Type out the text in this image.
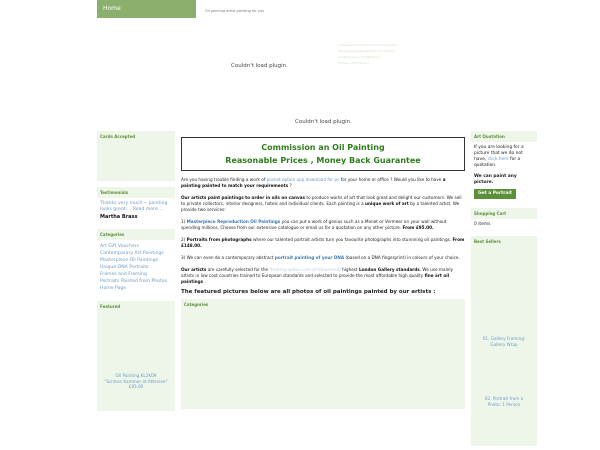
Home	Oil painting artist painting for you
Couldn't load plugin.
Professional Art Work from photographs
Masterpiece Reproduction Oil Painting
Contemporary Art Paintings
Frames and Framing
Couldn't load plugin.
Cards Accepted
Testimonials
Thanks very much -- painting looks great.... Read more....
Martha Brass
Categories
Art Gift Vouchers
Contemporary Art Paintings
Masterpiece Oil Paintings
Unique DNA Portraits
Frames and Framing
Portraits Painted from Photos
Home Page
Featured
Oil Painting KL2K09
"Schloss Kammer at Attersee"
£95.00
Commission an Oil Painting
Reasonable Prices , Money Back Guarantee

Are you having trouble finding a work of pocket option app download for pc for your home or office ? Would you like to have a painting painted to match your requirements ?

Our artists paint paintings to order in oils on canvas to produce works of art that look great and delight our customers. We sell to private collectors, interior designers, hotels and individual clients. Each painting is a unique work of art by a talented artist. We provide two services:

1) Masterpiece Reproduction Oil Paintings you can put a work of genius such as a Monet or Vermeer on your wall without spending millions. Choose from our extensive catalogue or email us for a quotation on any other picture. From £95.00.

2) Portraits from photographs where our talented portrait artists turn you favourite photographs into stunnning oil paintings. From £148.00.

3) We can even do a contemporary abstract portrait painting of your DNA (based on a DNA fingerprint) in colours of your choice.

Our artists are carefully selected for the /trading-option.com.ph/download/ highest London Gallery standards. We use mainly artists in low cost countries trained to European standards and selected to provide the most affordable high quality fine art oil paintings .

The featured pictures below are all photos of oil paintings painted by our artists :
Categories
Art Quotation
If you are looking for a picture that we do not have, click here for a quotation.
We can paint any picture.
Get a Portrait
Shopping Cart
0 items
Best Sellers
01. Gallery Framing:
Gallery Wrap
02. Portrait from a
Photo: 1 Person
